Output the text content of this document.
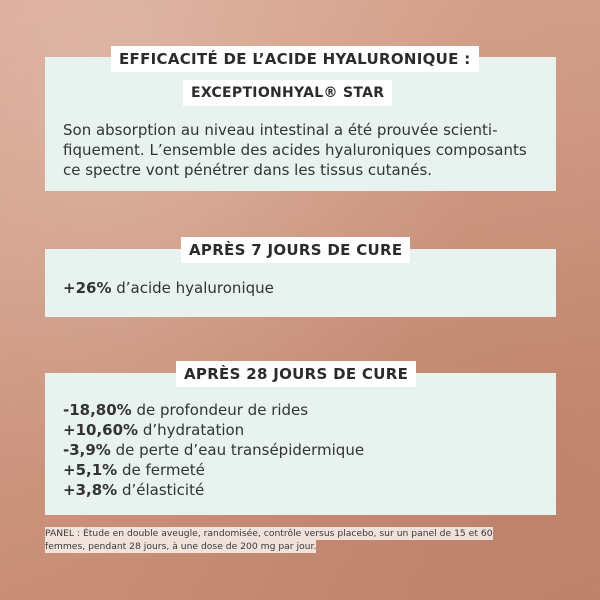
EFFICACITÉ DE L’ACIDE HYALURONIQUE :
EXCEPTIONHYAL® STAR
Son absorption au niveau intestinal a été prouvée scienti-
fiquement. L’ensemble des acides hyaluroniques composants
ce spectre vont pénétrer dans les tissus cutanés.
APRÈS 7 JOURS DE CURE
+26% d’acide hyaluronique
APRÈS 28 JOURS DE CURE
-18,80% de profondeur de rides
+10,60% d’hydratation
-3,9% de perte d’eau transépidermique
+5,1% de fermeté
+3,8% d’élasticité
PANEL : Étude en double aveugle, randomisée, contrôle versus placebo, sur un panel de 15 et 60
femmes, pendant 28 jours, à une dose de 200 mg par jour.
